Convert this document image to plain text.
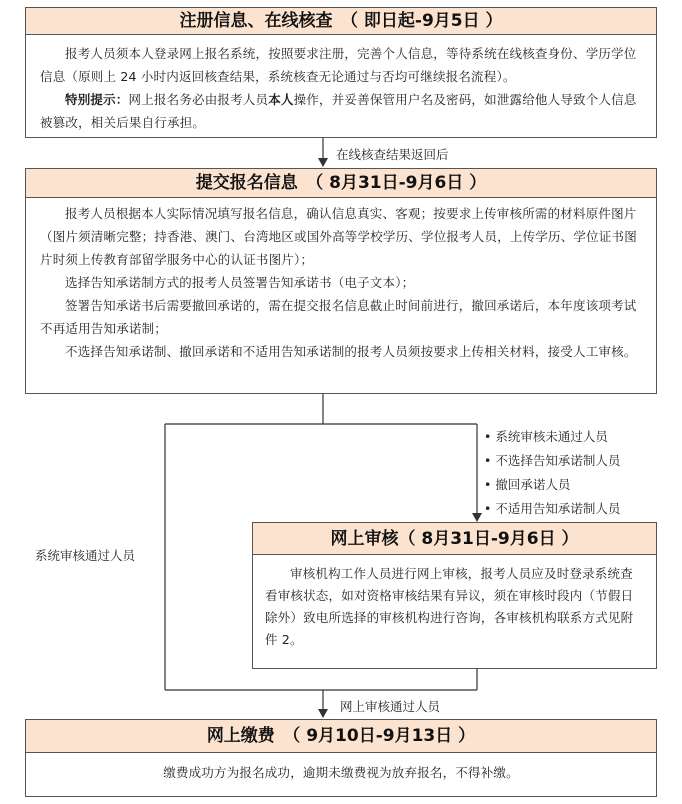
注册信息、在线核查　（ 即日起-9月5日 ）

报考人员须本人登录网上报名系统，按照要求注册，完善个人信息，等待系统在线核查身份、学历学位信息（原则上 24 小时内返回核查结果，系统核查无论通过与否均可继续报名流程）。

特别提示：网上报名务必由报考人员本人操作，并妥善保管用户名及密码，如泄露给他人导致个人信息被篡改，相关后果自行承担。

在线核查结果返回后
提交报名信息　（ 8月31日-9月6日 ）

报考人员根据本人实际情况填写报名信息，确认信息真实、客观；按要求上传审核所需的材料原件图片（图片须清晰完整；持香港、澳门、台湾地区或国外高等学校学历、学位报考人员，上传学历、学位证书图片时须上传教育部留学服务中心的认证书图片）；

选择告知承诺制方式的报考人员签署告知承诺书（电子文本）；

签署告知承诺书后需要撤回承诺的，需在提交报名信息截止时间前进行，撤回承诺后，本年度该项考试不再适用告知承诺制；

不选择告知承诺制、撤回承诺和不适用告知承诺制的报考人员须按要求上传相关材料，接受人工审核。

• 系统审核未通过人员
• 不选择告知承诺制人员
• 撤回承诺人员
• 不适用告知承诺制人员
系统审核通过人员
网上审核（ 8月31日-9月6日 ）

审核机构工作人员进行网上审核，报考人员应及时登录系统查看审核状态，如对资格审核结果有异议，须在审核时段内（节假日除外）致电所选择的审核机构进行咨询，各审核机构联系方式见附件 2。

网上审核通过人员
网上缴费　（ 9月10日-9月13日 ）
缴费成功方为报名成功，逾期未缴费视为放弃报名，不得补缴。
